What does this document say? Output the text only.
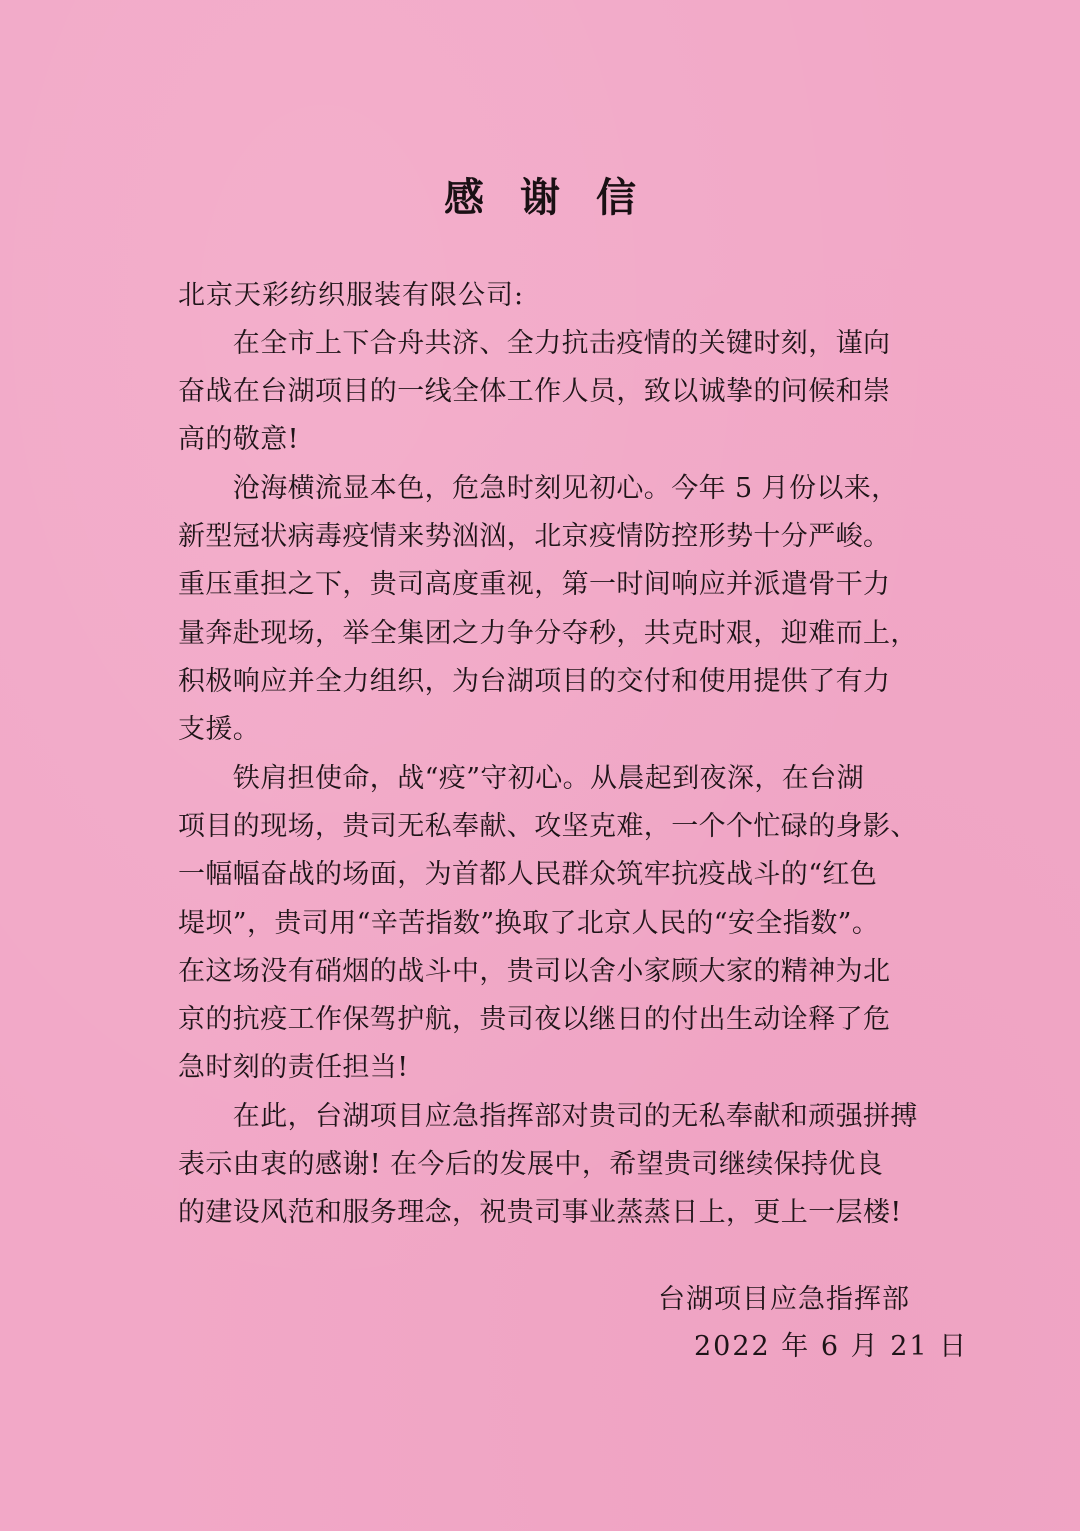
感谢信
北京天彩纺织服装有限公司:
　　在全市上下合舟共济、全力抗击疫情的关键时刻，谨向
奋战在台湖项目的一线全体工作人员，致以诚挚的问候和崇
高的敬意!
　　沧海横流显本色，危急时刻见初心。今年 5 月份以来，
新型冠状病毒疫情来势汹汹，北京疫情防控形势十分严峻。
重压重担之下，贵司高度重视，第一时间响应并派遣骨干力
量奔赴现场，举全集团之力争分夺秒，共克时艰，迎难而上，
积极响应并全力组织，为台湖项目的交付和使用提供了有力
支援。
　　铁肩担使命，战“疫”守初心。从晨起到夜深，在台湖
项目的现场，贵司无私奉献、攻坚克难，一个个忙碌的身影、
一幅幅奋战的场面，为首都人民群众筑牢抗疫战斗的“红色
堤坝”，贵司用“辛苦指数”换取了北京人民的“安全指数”。
在这场没有硝烟的战斗中，贵司以舍小家顾大家的精神为北
京的抗疫工作保驾护航，贵司夜以继日的付出生动诠释了危
急时刻的责任担当!
　　在此，台湖项目应急指挥部对贵司的无私奉献和顽强拼搏
表示由衷的感谢! 在今后的发展中，希望贵司继续保持优良
的建设风范和服务理念，祝贵司事业蒸蒸日上，更上一层楼!
台湖项目应急指挥部
2022 年 6 月 21 日
